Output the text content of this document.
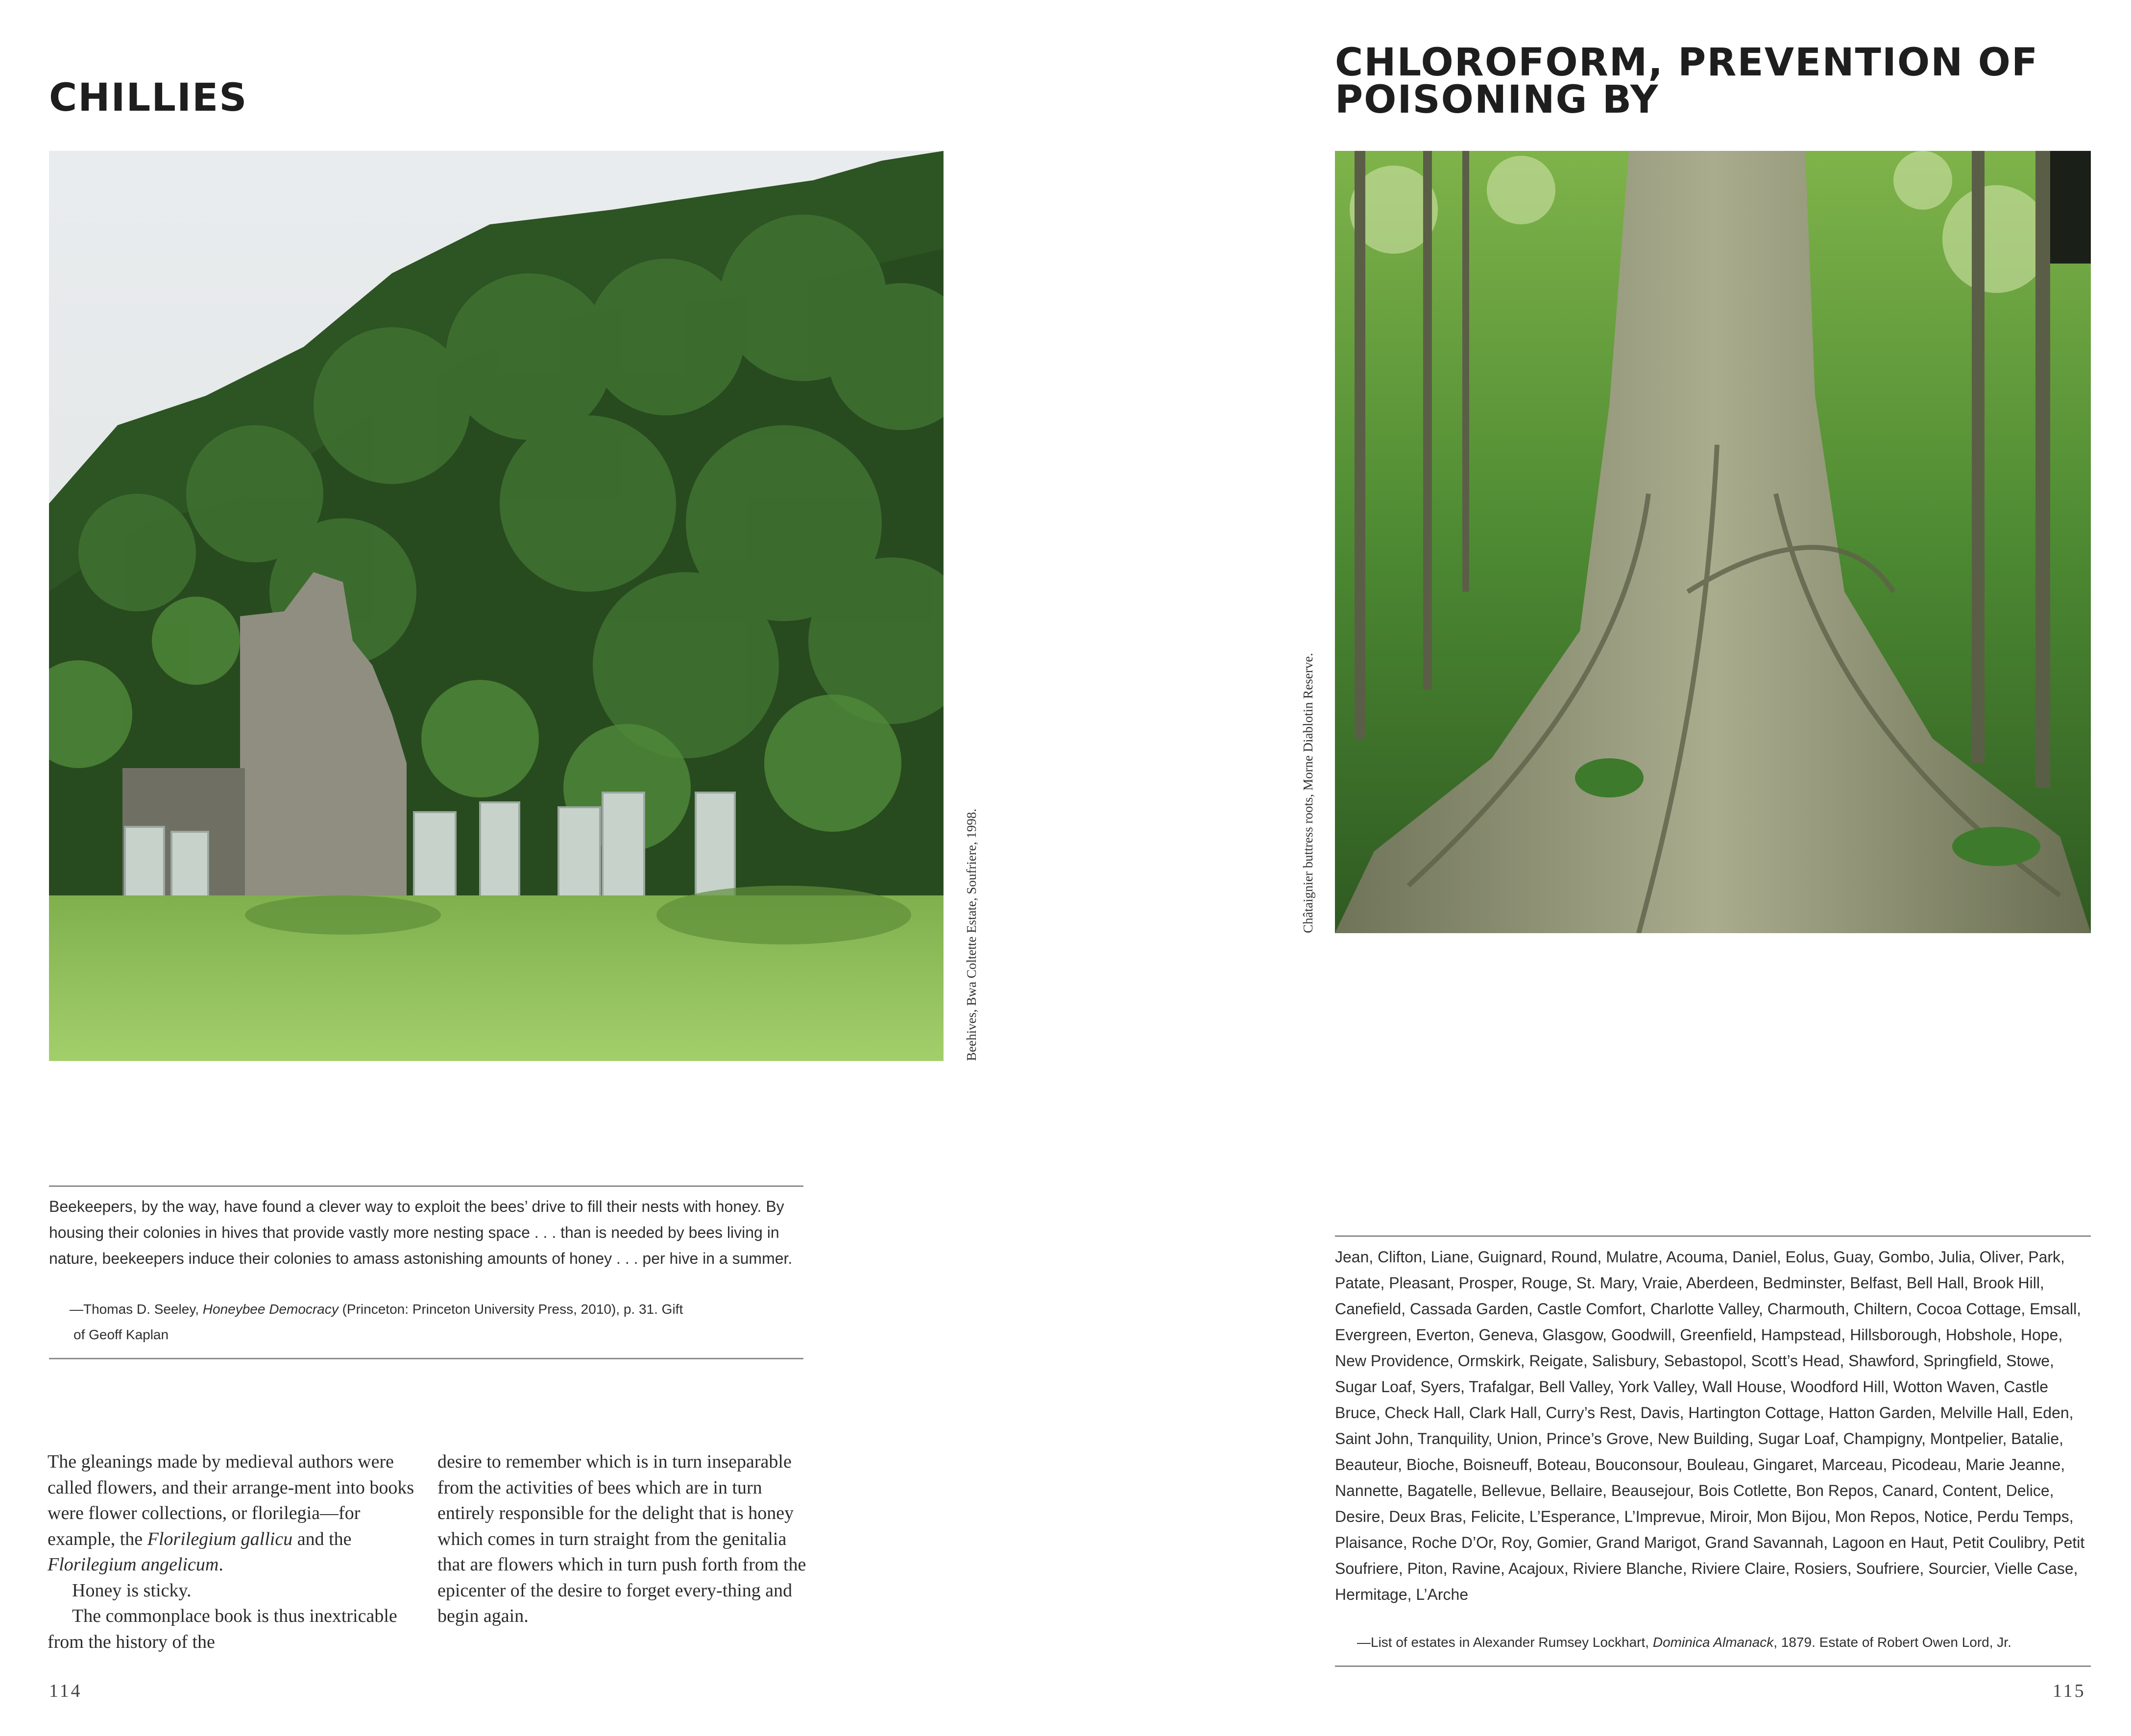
CHILLIES
Beehives, Bwa Coltette Estate, Soufriere, 1998.
Beekeepers, by the way, have found a clever way to exploit the bees’ drive to fill their nests with honey. By housing their colonies in hives that provide vastly more nesting space . . . than is needed by bees living in nature, beekeepers induce their colonies to amass astonishing amounts of honey . . . per hive in a summer.
—Thomas D. Seeley, Honeybee Democracy (Princeton: Princeton University Press, 2010), p. 31. Gift
of Geoff Kaplan

The gleanings made by medieval authors were called flowers, and their arrange-ment into books were flower collections, or florilegia—for example, the Florilegium gallicu and the Florilegium angelicum.

Honey is sticky.

The commonplace book is thus inextricable from the history of the

desire to remember which is in turn inseparable from the activities of bees which are in turn entirely responsible for the delight that is honey which comes in turn straight from the genitalia that are flowers which in turn push forth from the epicenter of the desire to forget every-thing and begin again.
114
CHLOROFORM, PREVENTION OF POISONING BY
Châtaignier buttress roots, Morne Diablotin Reserve.
Jean, Clifton, Liane, Guignard, Round, Mulatre, Acouma, Daniel, Eolus, Guay, Gombo, Julia, Oliver, Park, Patate, Pleasant, Prosper, Rouge, St. Mary, Vraie, Aberdeen, Bedminster, Belfast, Bell Hall, Brook Hill, Canefield, Cassada Garden, Castle Comfort, Charlotte Valley, Charmouth, Chiltern, Cocoa Cottage, Emsall, Evergreen, Everton, Geneva, Glasgow, Goodwill, Greenfield, Hampstead, Hillsborough, Hobshole, Hope, New Providence, Ormskirk, Reigate, Salisbury, Sebastopol, Scott’s Head, Shawford, Springfield, Stowe, Sugar Loaf, Syers, Trafalgar, Bell Valley, York Valley, Wall House, Woodford Hill, Wotton Waven, Castle Bruce, Check Hall, Clark Hall, Curry’s Rest, Davis, Hartington Cottage, Hatton Garden, Melville Hall, Eden, Saint John, Tranquility, Union, Prince’s Grove, New Building, Sugar Loaf, Champigny, Montpelier, Batalie, Beauteur, Bioche, Boisneuff, Boteau, Bouconsour, Bouleau, Gingaret, Marceau, Picodeau, Marie Jeanne, Nannette, Bagatelle, Bellevue, Bellaire, Beausejour, Bois Cotlette, Bon Repos, Canard, Content, Delice, Desire, Deux Bras, Felicite, L’Esperance, L’Imprevue, Miroir, Mon Bijou, Mon Repos, Notice, Perdu Temps, Plaisance, Roche D’Or, Roy, Gomier, Grand Marigot, Grand Savannah, Lagoon en Haut, Petit Coulibry, Petit Soufriere, Piton, Ravine, Acajoux, Riviere Blanche, Riviere Claire, Rosiers, Soufriere, Sourcier, Vielle Case, Hermitage, L’Arche
—List of estates in Alexander Rumsey Lockhart, Dominica Almanack, 1879. Estate of Robert Owen Lord, Jr.
115
